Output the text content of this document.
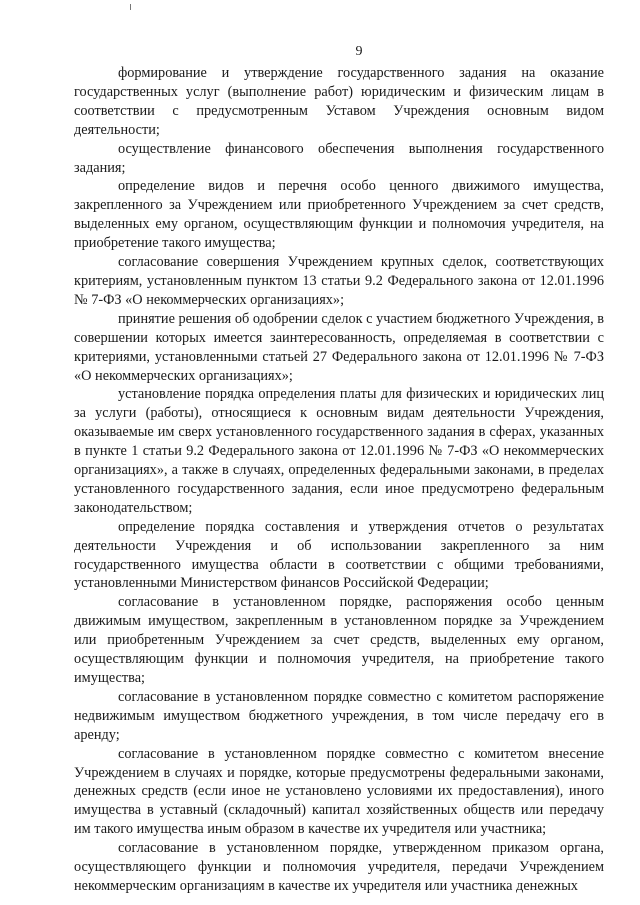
9

формирование и утверждение государственного задания на оказание государственных услуг (выполнение работ) юридическим и физическим лицам в соответствии с предусмотренным Уставом Учреждения основным видом деятельности;

осуществление финансового обеспечения выполнения государственного задания;

определение видов и перечня особо ценного движимого имущества, закрепленного за Учреждением или приобретенного Учреждением за счет средств, выделенных ему органом, осуществляющим функции и полномочия учредителя, на приобретение такого имущества;

согласование совершения Учреждением крупных сделок, соответствующих критериям, установленным пунктом 13 статьи 9.2 Федерального закона от 12.01.1996 № 7-ФЗ «О некоммерческих организациях»;

принятие решения об одобрении сделок с участием бюджетного Учреждения, в совершении которых имеется заинтересованность, определяемая в соответствии с критериями, установленными статьей 27 Федерального закона от 12.01.1996 № 7-ФЗ «О некоммерческих организациях»;

установление порядка определения платы для физических и юридических лиц за услуги (работы), относящиеся к основным видам деятельности Учреждения, оказываемые им сверх установленного государственного задания в сферах, указанных в пункте 1 статьи 9.2 Федерального закона от 12.01.1996 № 7-ФЗ «О некоммерческих организациях», а также в случаях, определенных федеральными законами, в пределах установленного государственного задания, если иное предусмотрено федеральным законодательством;

определение порядка составления и утверждения отчетов о результатах деятельности Учреждения и об использовании закрепленного за ним государственного имущества области в соответствии с общими требованиями, установленными Министерством финансов Российской Федерации;

согласование в установленном порядке, распоряжения особо ценным движимым имуществом, закрепленным в установленном порядке за Учреждением или приобретенным Учреждением за счет средств, выделенных ему органом, осуществляющим функции и полномочия учредителя, на приобретение такого имущества;

согласование в установленном порядке совместно с комитетом распоряжение недвижимым имуществом бюджетного учреждения, в том числе передачу его в аренду;

согласование в установленном порядке совместно с комитетом внесение Учреждением в случаях и порядке, которые предусмотрены федеральными законами, денежных средств (если иное не установлено условиями их предоставления), иного имущества в уставный (складочный) капитал хозяйственных обществ или передачу им такого имущества иным образом в качестве их учредителя или участника;

согласование в установленном порядке, утвержденном приказом органа, осуществляющего функции и полномочия учредителя, передачи Учреждением некоммерческим организациям в качестве их учредителя или участника денежных
